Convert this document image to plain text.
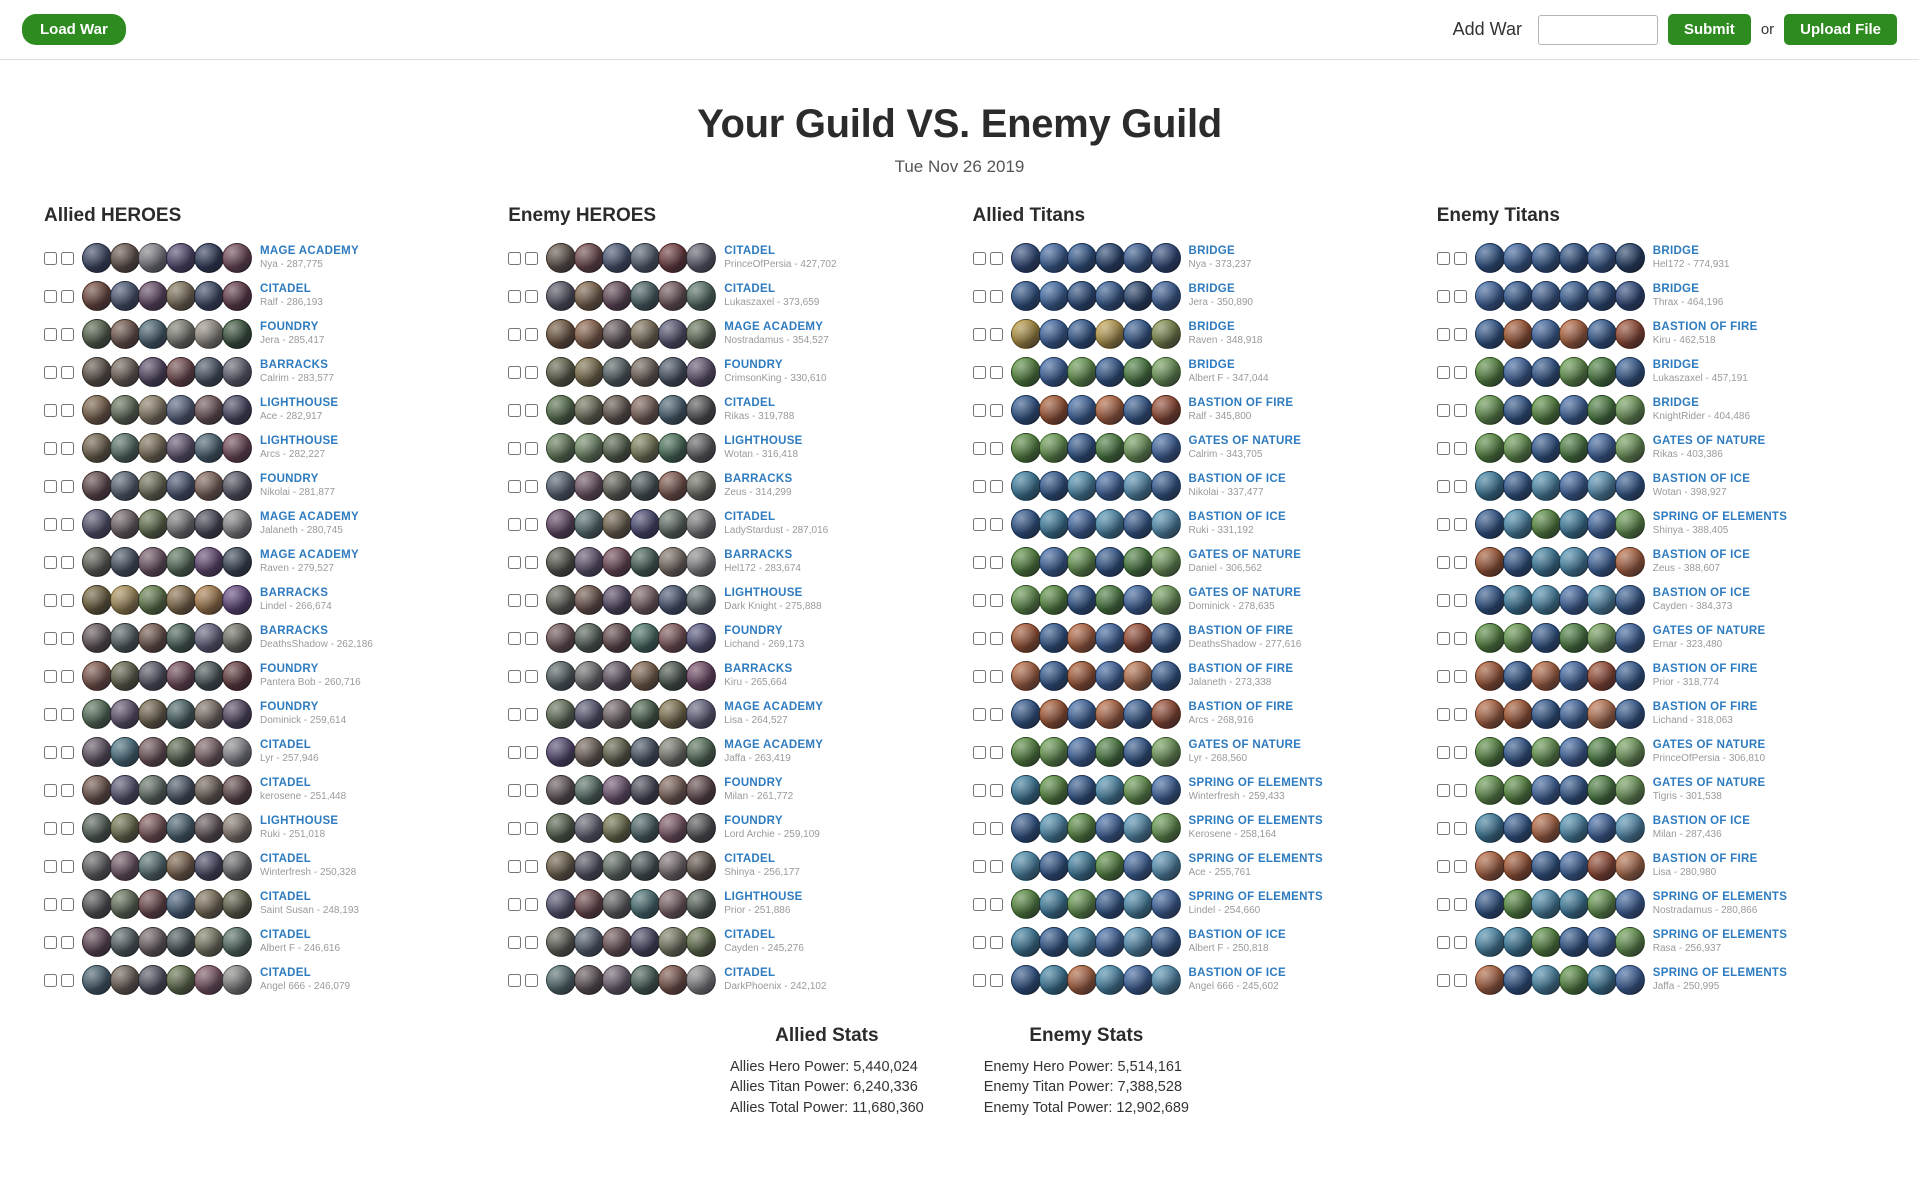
Load War	Add War	Submit	or	Upload File
Your Guild VS. Enemy Guild
Tue Nov 26 2019
Allied HEROES
MAGE ACADEMY
Nya - 287,775
CITADEL
Ralf - 286,193
FOUNDRY
Jera - 285,417
BARRACKS
Calrim - 283,577
LIGHTHOUSE
Ace - 282,917
LIGHTHOUSE
Arcs - 282,227
FOUNDRY
Nikolai - 281,877
MAGE ACADEMY
Jalaneth - 280,745
MAGE ACADEMY
Raven - 279,527
BARRACKS
Lindel - 266,674
BARRACKS
DeathsShadow - 262,186
FOUNDRY
Pantera Bob - 260,716
FOUNDRY
Dominick - 259,614
CITADEL
Lyr - 257,946
CITADEL
kerosene - 251,448
LIGHTHOUSE
Ruki - 251,018
CITADEL
Winterfresh - 250,328
CITADEL
Saint Susan - 248,193
CITADEL
Albert F - 246,616
CITADEL
Angel 666 - 246,079
Enemy HEROES
CITADEL
PrinceOfPersia - 427,702
CITADEL
Lukaszaxel - 373,659
MAGE ACADEMY
Nostradamus - 354,527
FOUNDRY
CrimsonKing - 330,610
CITADEL
Rikas - 319,788
LIGHTHOUSE
Wotan - 316,418
BARRACKS
Zeus - 314,299
CITADEL
LadyStardust - 287,016
BARRACKS
Hel172 - 283,674
LIGHTHOUSE
Dark Knight - 275,888
FOUNDRY
Lichand - 269,173
BARRACKS
Kiru - 265,664
MAGE ACADEMY
Lisa - 264,527
MAGE ACADEMY
Jaffa - 263,419
FOUNDRY
Milan - 261,772
FOUNDRY
Lord Archie - 259,109
CITADEL
Shinya - 256,177
LIGHTHOUSE
Prior - 251,886
CITADEL
Cayden - 245,276
CITADEL
DarkPhoenix - 242,102
Allied Titans
BRIDGE
Nya - 373,237
BRIDGE
Jera - 350,890
BRIDGE
Raven - 348,918
BRIDGE
Albert F - 347,044
BASTION OF FIRE
Ralf - 345,800
GATES OF NATURE
Calrim - 343,705
BASTION OF ICE
Nikolai - 337,477
BASTION OF ICE
Ruki - 331,192
GATES OF NATURE
Daniel - 306,562
GATES OF NATURE
Dominick - 278,635
BASTION OF FIRE
DeathsShadow - 277,616
BASTION OF FIRE
Jalaneth - 273,338
BASTION OF FIRE
Arcs - 268,916
GATES OF NATURE
Lyr - 268,560
SPRING OF ELEMENTS
Winterfresh - 259,433
SPRING OF ELEMENTS
Kerosene - 258,164
SPRING OF ELEMENTS
Ace - 255,761
SPRING OF ELEMENTS
Lindel - 254,660
BASTION OF ICE
Albert F - 250,818
BASTION OF ICE
Angel 666 - 245,602
Enemy Titans
BRIDGE
Hel172 - 774,931
BRIDGE
Thrax - 464,196
BASTION OF FIRE
Kiru - 462,518
BRIDGE
Lukaszaxel - 457,191
BRIDGE
KnightRider - 404,486
GATES OF NATURE
Rikas - 403,386
BASTION OF ICE
Wotan - 398,927
SPRING OF ELEMENTS
Shinya - 388,405
BASTION OF ICE
Zeus - 388,607
BASTION OF ICE
Cayden - 384,373
GATES OF NATURE
Ernar - 323,480
BASTION OF FIRE
Prior - 318,774
BASTION OF FIRE
Lichand - 318,063
GATES OF NATURE
PrinceOfPersia - 306,810
GATES OF NATURE
Tigris - 301,538
BASTION OF ICE
Milan - 287,436
BASTION OF FIRE
Lisa - 280,980
SPRING OF ELEMENTS
Nostradamus - 280,866
SPRING OF ELEMENTS
Rasa - 256,937
SPRING OF ELEMENTS
Jaffa - 250,995
Allied Stats
Allies Hero Power: 5,440,024
Allies Titan Power: 6,240,336
Allies Total Power: 11,680,360
Enemy Stats
Enemy Hero Power: 5,514,161
Enemy Titan Power: 7,388,528
Enemy Total Power: 12,902,689
